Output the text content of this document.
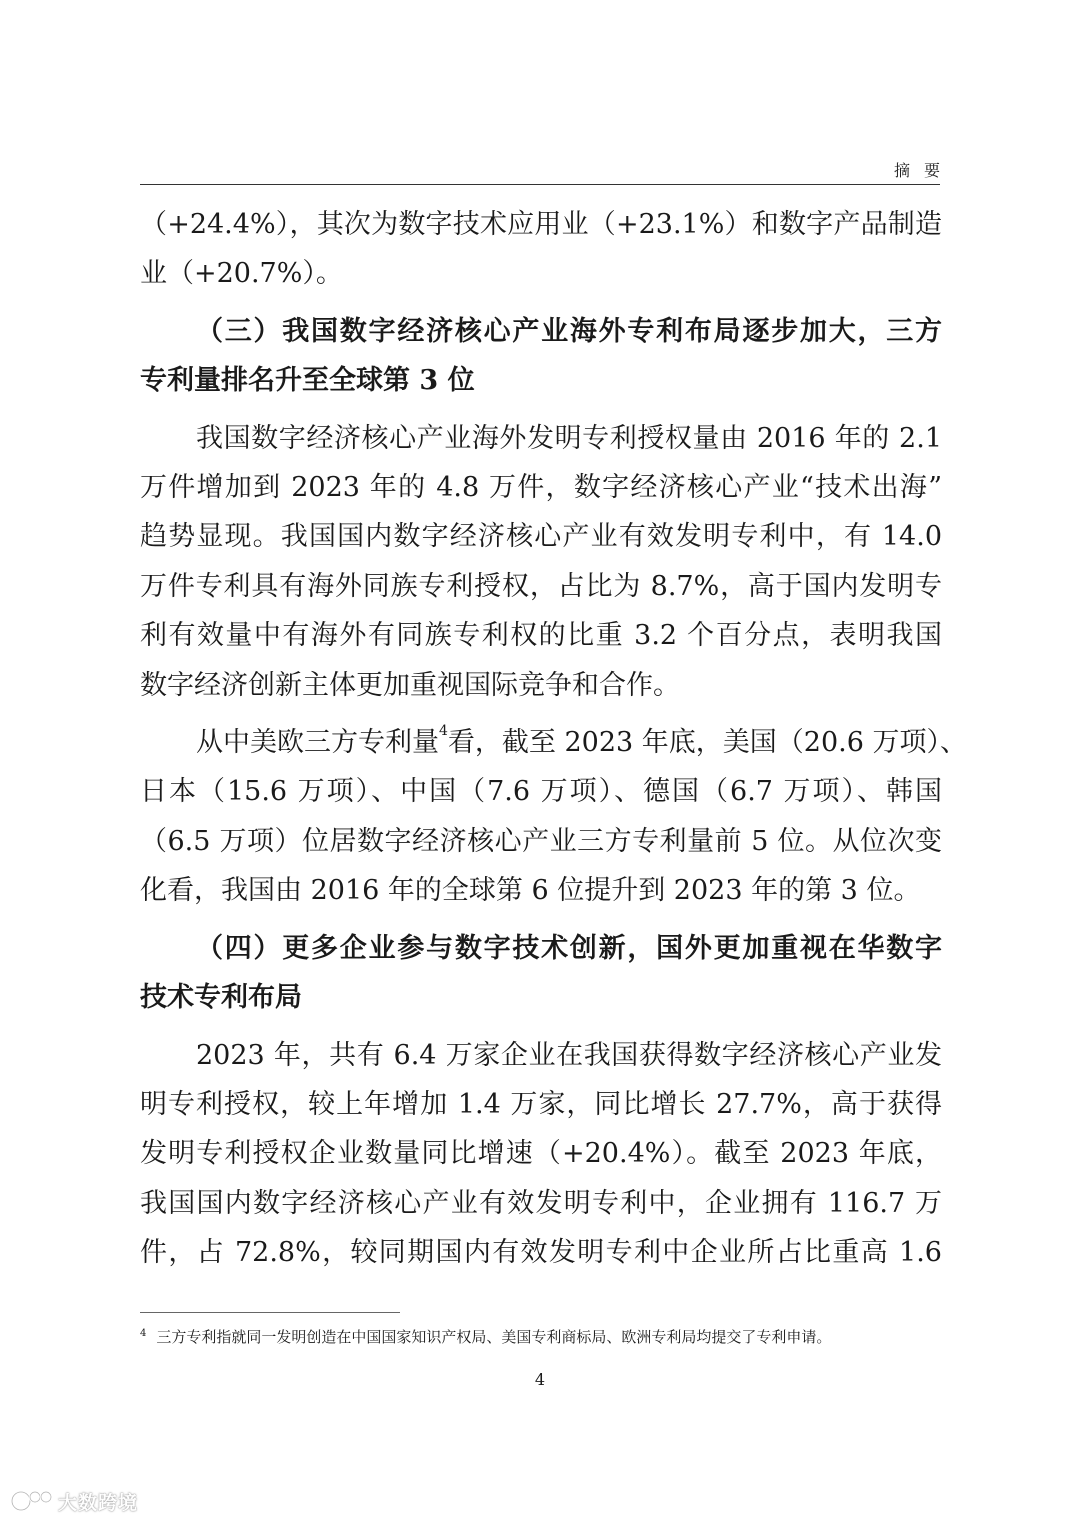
摘要

（+24.4%），其次为数字技术应用业（+23.1%）和数字产品制造

业（+20.7%）。

（三）我国数字经济核心产业海外专利布局逐步加大，三方

专利量排名升至全球第 3 位

我国数字经济核心产业海外发明专利授权量由 2016 年的 2.1

万件增加到 2023 年的 4.8 万件，数字经济核心产业“技术出海”

趋势显现。我国国内数字经济核心产业有效发明专利中，有 14.0

万件专利具有海外同族专利授权，占比为 8.7%，高于国内发明专

利有效量中有海外有同族专利权的比重 3.2 个百分点，表明我国

数字经济创新主体更加重视国际竞争和合作。

从中美欧三方专利量$^4$看，截至 2023 年底，美国（20.6 万项）、

日本（15.6 万项）、中国（7.6 万项）、德国（6.7 万项）、韩国

（6.5 万项）位居数字经济核心产业三方专利量前 5 位。从位次变

化看，我国由 2016 年的全球第 6 位提升到 2023 年的第 3 位。

（四）更多企业参与数字技术创新，国外更加重视在华数字

技术专利布局

2023 年，共有 6.4 万家企业在我国获得数字经济核心产业发

明专利授权，较上年增加 1.4 万家，同比增长 27.7%，高于获得

发明专利授权企业数量同比增速（+20.4%）。截至 2023 年底，

我国国内数字经济核心产业有效发明专利中，企业拥有 116.7 万

件，占 72.8%，较同期国内有效发明专利中企业所占比重高 1.6

$^4$ 三方专利指就同一发明创造在中国国家知识产权局、美国专利商标局、欧洲专利局均提交了专利申请。
4
大数跨境
